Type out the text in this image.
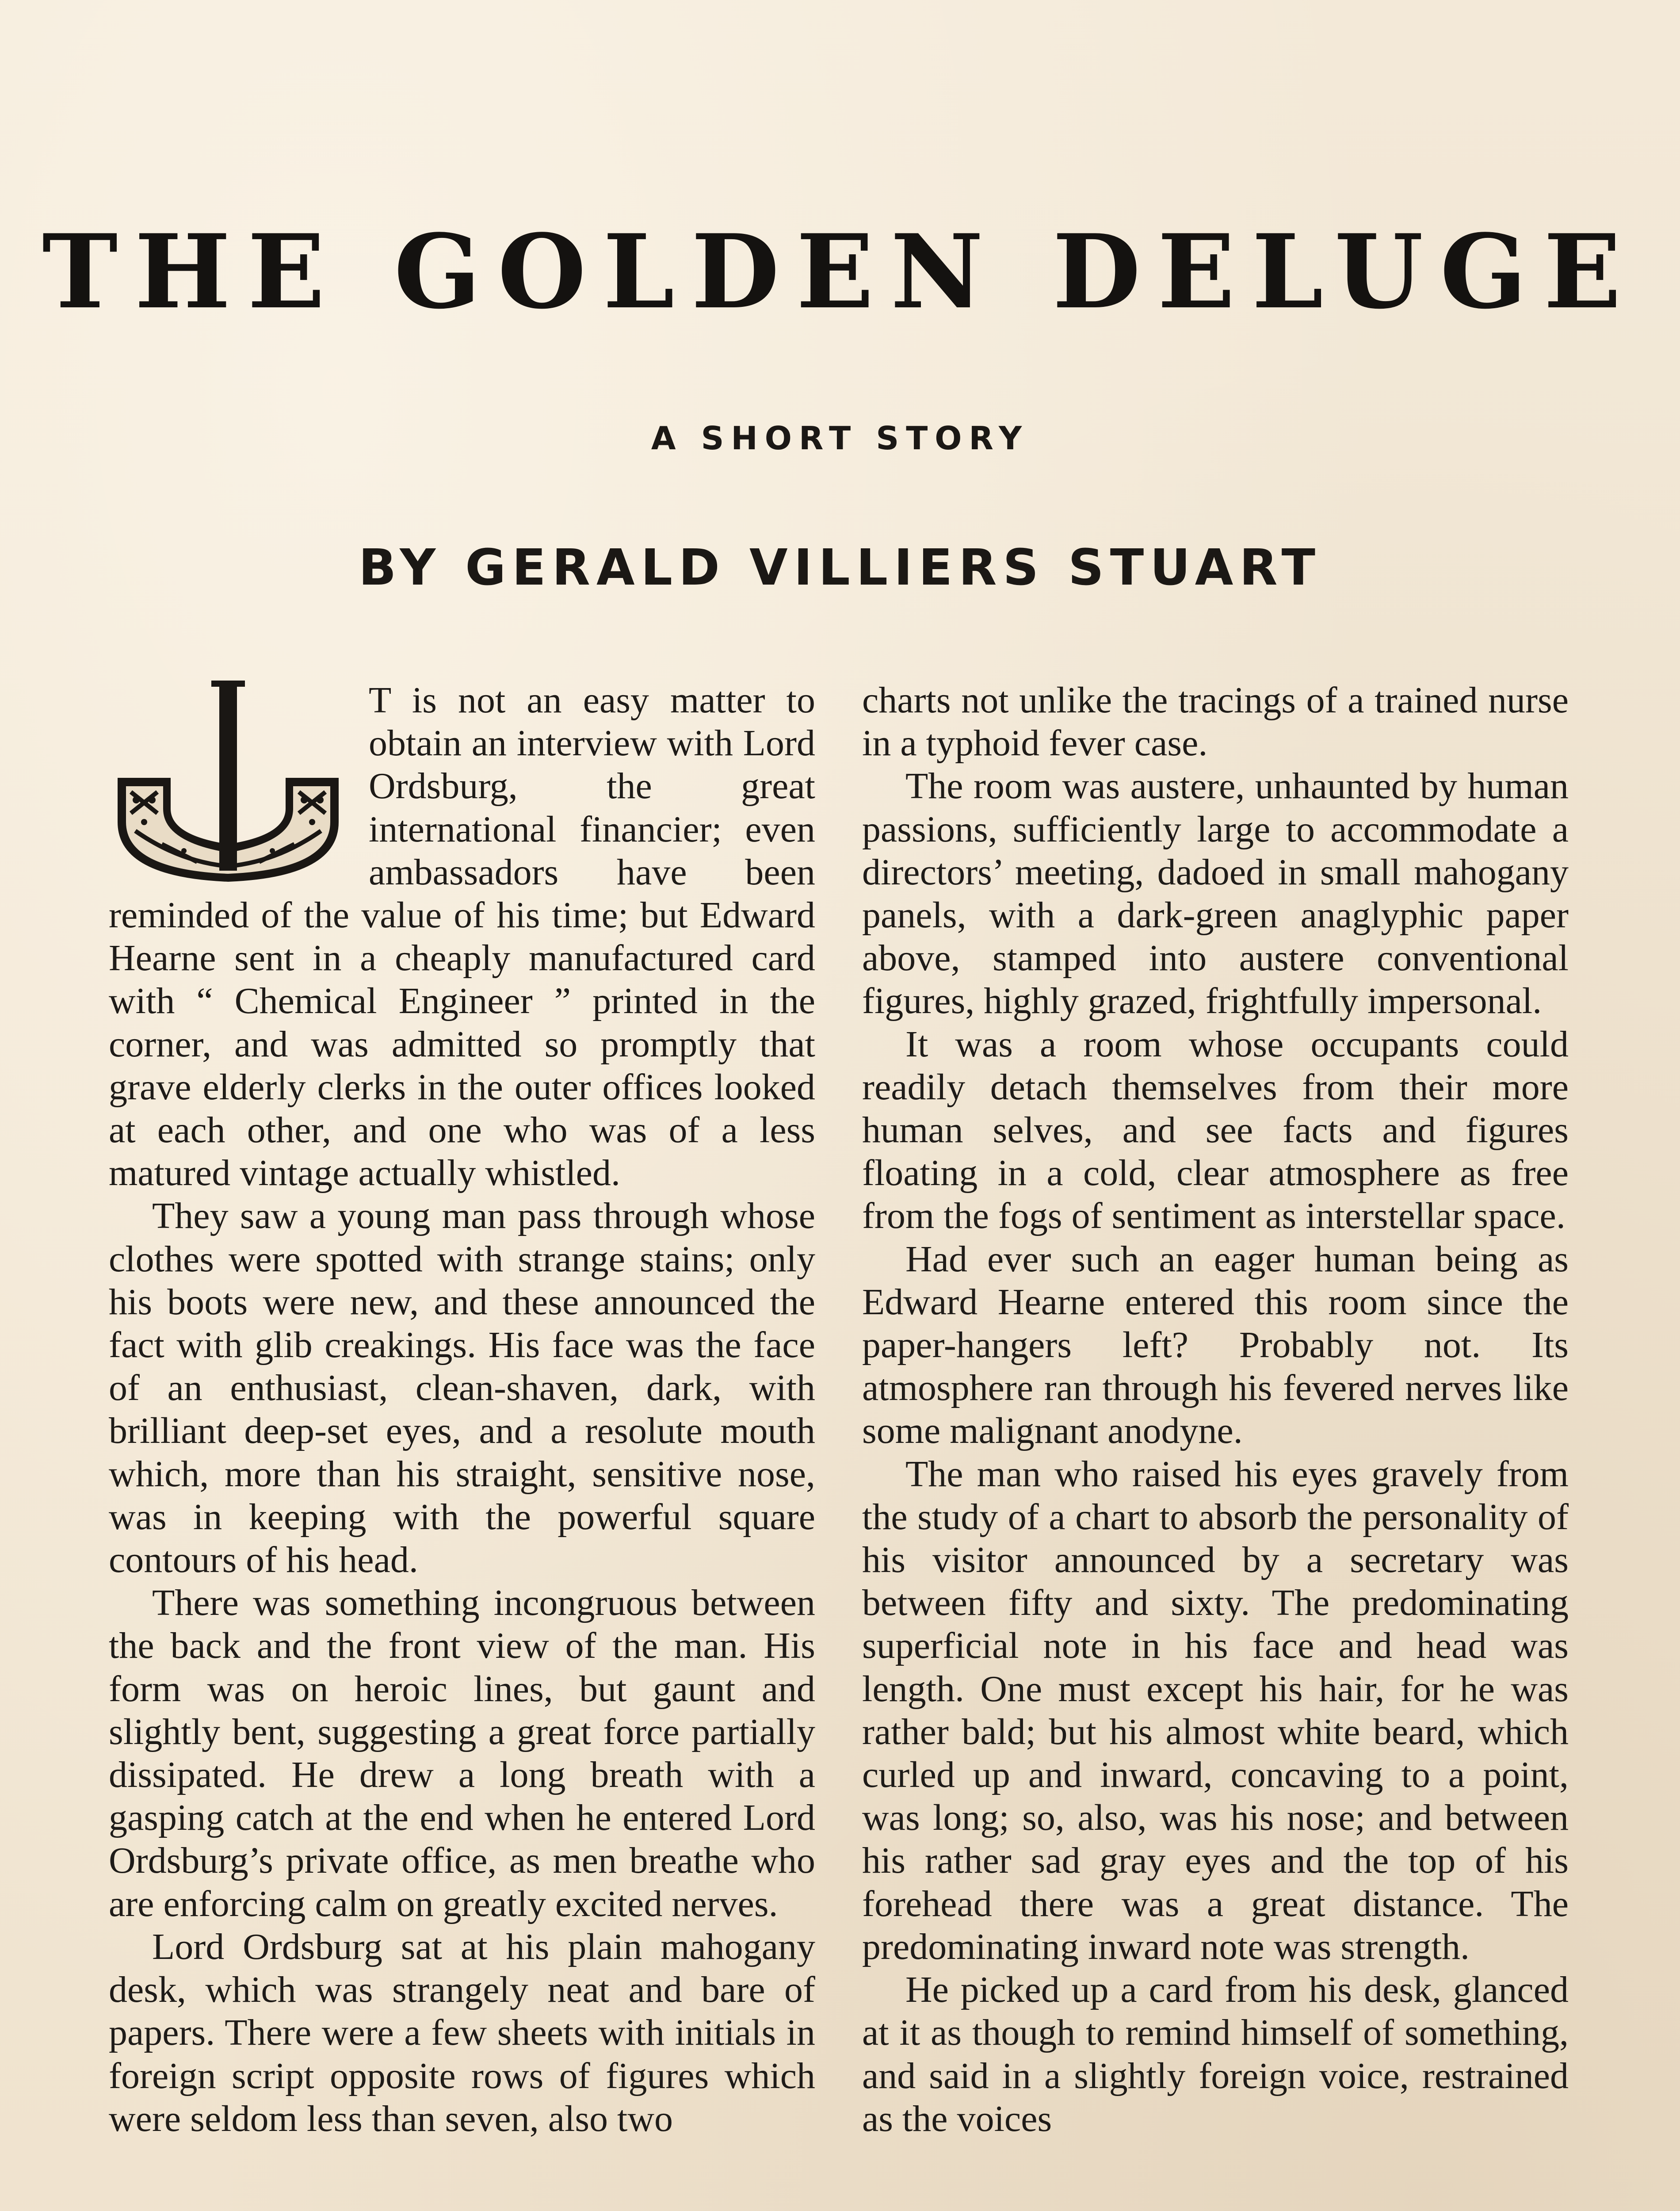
THE GOLDEN DELUGE
A SHORT STORY
BY GERALD VILLIERS STUART

T is not an easy matter to obtain an interview with Lord Ordsburg, the great international financier; even ambassadors have been reminded of the value of his time; but Edward Hearne sent in a cheaply manufactured card with “ Chemical Engineer ” printed in the corner, and was admitted so promptly that grave elderly clerks in the outer offices looked at each other, and one who was of a less matured vintage actually whistled.

They saw a young man pass through whose clothes were spotted with strange stains; only his boots were new, and these announced the fact with glib creakings. His face was the face of an enthusiast, clean-shaven, dark, with brilliant deep-set eyes, and a resolute mouth which, more than his straight, sensitive nose, was in keeping with the powerful square contours of his head.

There was something incongruous between the back and the front view of the man. His form was on heroic lines, but gaunt and slightly bent, suggesting a great force partially dissipated. He drew a long breath with a gasping catch at the end when he entered Lord Ordsburg’s private office, as men breathe who are enforcing calm on greatly excited nerves.

Lord Ordsburg sat at his plain mahogany desk, which was strangely neat and bare of papers. There were a few sheets with initials in foreign script opposite rows of figures which were seldom less than seven, also two

charts not unlike the tracings of a trained nurse in a typhoid fever case.

The room was austere, unhaunted by human passions, sufficiently large to accommodate a directors’ meeting, dadoed in small mahogany panels, with a dark-green anaglyphic paper above, stamped into austere conventional figures, highly grazed, frightfully impersonal.

It was a room whose occupants could readily detach themselves from their more human selves, and see facts and figures floating in a cold, clear atmosphere as free from the fogs of sentiment as interstellar space.

Had ever such an eager human being as Edward Hearne entered this room since the paper-hangers left? Probably not. Its atmosphere ran through his fevered nerves like some malignant anodyne.

The man who raised his eyes gravely from the study of a chart to absorb the personality of his visitor announced by a secretary was between fifty and sixty. The predominating superficial note in his face and head was length. One must except his hair, for he was rather bald; but his almost white beard, which curled up and inward, concaving to a point, was long; so, also, was his nose; and between his rather sad gray eyes and the top of his forehead there was a great distance. The predominating inward note was strength.

He picked up a card from his desk, glanced at it as though to remind himself of something, and said in a slightly foreign voice, restrained as the voices
